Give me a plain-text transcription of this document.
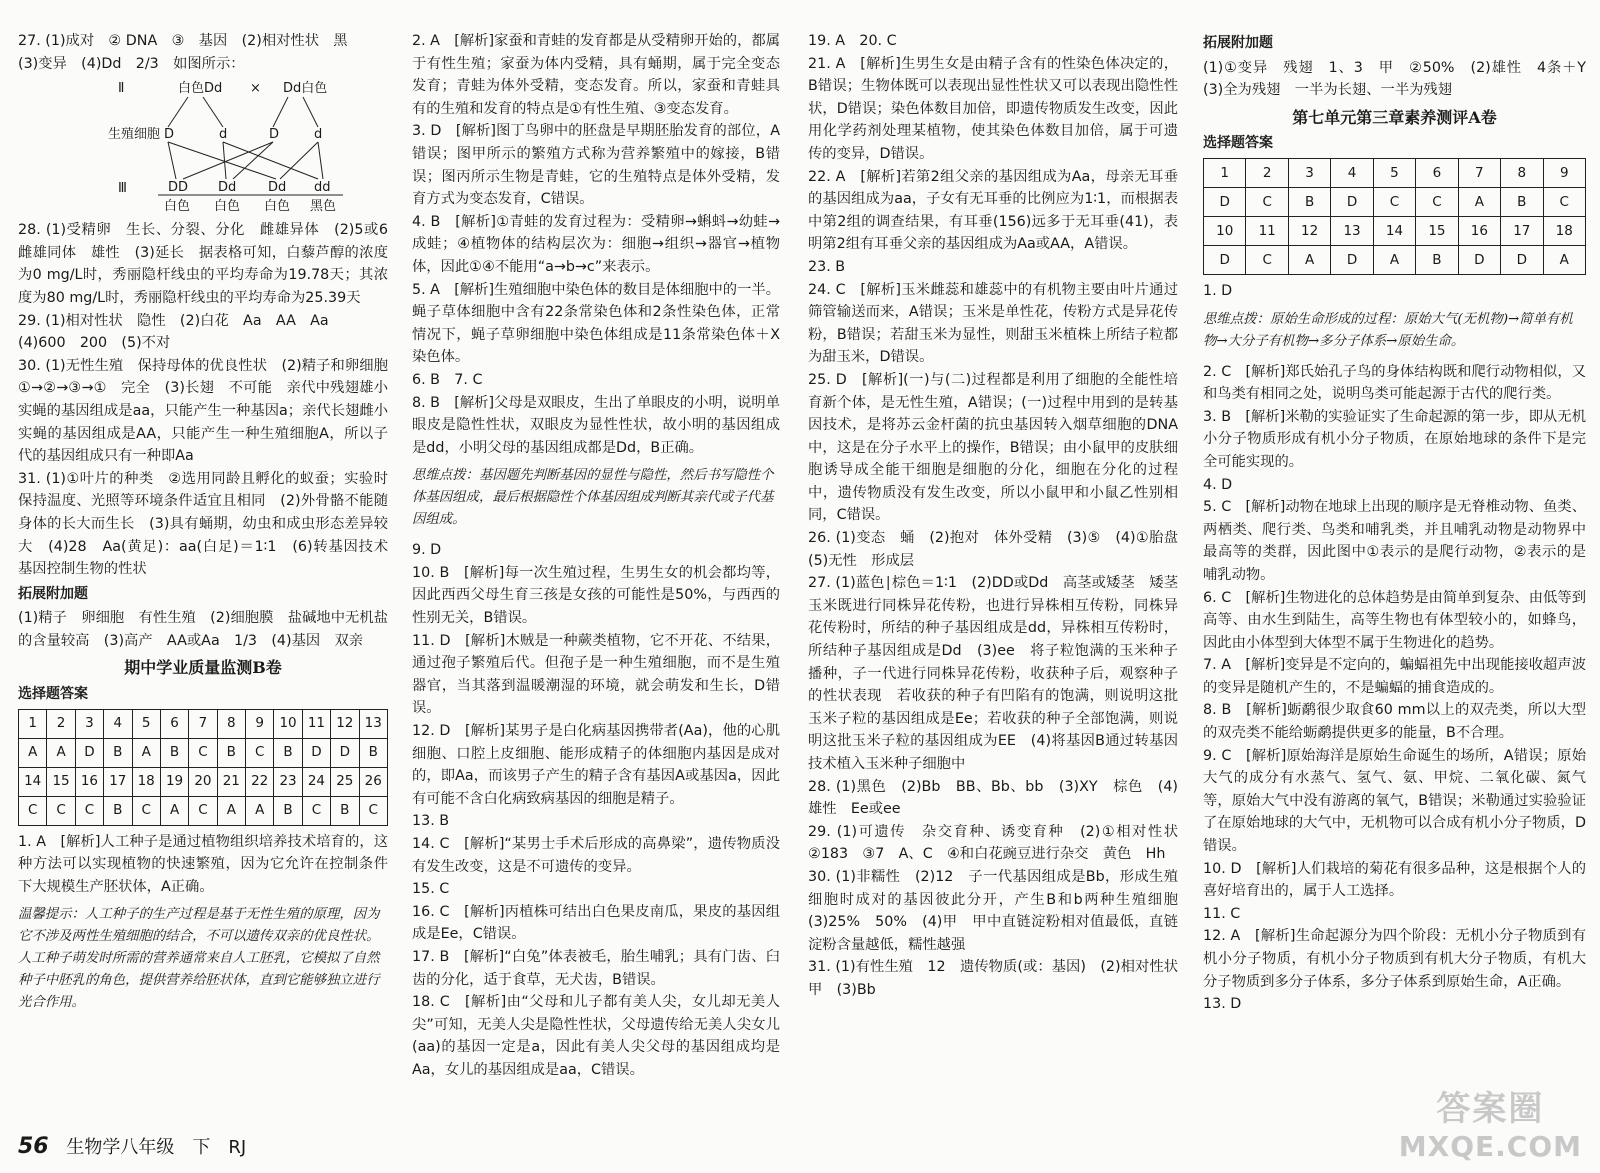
27. (1)成对　② DNA　③　基因　(2)相对性状　黑

(3)变异　(4)Dd　2/3　如图所示：

Ⅱ	白色Dd × Dd白色
生殖细胞 D	d	D	d
Ⅲ	DD Dd Dd dd
白色 白色 白色 黑色

28. (1)受精卵　生长、分裂、分化　雌雄异体　(2)5或6　雌雄同体　雄性　(3)延长　据表格可知，白藜芦醇的浓度为0 mg/L时，秀丽隐杆线虫的平均寿命为19.78天；其浓度为80 mg/L时，秀丽隐杆线虫的平均寿命为25.39天

29. (1)相对性状　隐性　(2)白花　Aa　AA　Aa
(4)600　200　(5)不对

30. (1)无性生殖　保持母体的优良性状　(2)精子和卵细胞　①→②→③→①　完全　(3)长翅　不可能　亲代中残翅雄小实蝇的基因组成是aa，只能产生一种基因a；亲代长翅雌小实蝇的基因组成是AA，只能产生一种生殖细胞A，所以子代的基因组成只有一种即Aa

31. (1)①叶片的种类　②选用同龄且孵化的蚁蚕；实验时保持温度、光照等环境条件适宜且相同　(2)外骨骼不能随身体的长大而生长　(3)具有蛹期，幼虫和成虫形态差异较大　(4)28　Aa(黄足)：aa(白足)＝1∶1　(6)转基因技术　基因控制生物的性状

拓展附加题

(1)精子　卵细胞　有性生殖　(2)细胞膜　盐碱地中无机盐的含量较高　(3)高产　AA或Aa　1/3　(4)基因　双亲

期中学业质量监测B卷
选择题答案
1	2	3	4	5	6	7	8	9	10	11	12	13
A	A	D	B	A	B	C	B	C	B	D	D	B
14	15	16	17	18	19	20	21	22	23	24	25	26
C	C	C	B	C	A	C	A	A	B	C	B	C

1. A　[解析]人工种子是通过植物组织培养技术培育的，这种方法可以实现植物的快速繁殖，因为它允许在控制条件下大规模生产胚状体，A正确。

温馨提示：人工种子的生产过程是基于无性生殖的原理，因为它不涉及两性生殖细胞的结合，不可以遗传双亲的优良性状。人工种子萌发时所需的营养通常来自人工胚乳，它模拟了自然种子中胚乳的角色，提供营养给胚状体，直到它能够独立进行光合作用。

2. A　[解析]家蚕和青蛙的发育都是从受精卵开始的，都属于有性生殖；家蚕为体内受精，具有蛹期，属于完全变态发育；青蛙为体外受精，变态发育。所以，家蚕和青蛙具有的生殖和发育的特点是①有性生殖、③变态发育。

3. D　[解析]图丁鸟卵中的胚盘是早期胚胎发育的部位，A错误；图甲所示的繁殖方式称为营养繁殖中的嫁接，B错误；图丙所示生物是青蛙，它的生殖特点是体外受精，发育方式为变态发育，C错误。

4. B　[解析]①青蛙的发育过程为：受精卵→蝌蚪→幼蛙→成蛙；④植物体的结构层次为：细胞→组织→器官→植物体，因此①④不能用“a→b→c”来表示。

5. A　[解析]生殖细胞中染色体的数目是体细胞中的一半。蝇子草体细胞中含有22条常染色体和2条性染色体，正常情况下，蝇子草卵细胞中染色体组成是11条常染色体＋X染色体。

6. B　7. C

8. B　[解析]父母是双眼皮，生出了单眼皮的小明，说明单眼皮是隐性性状，双眼皮为显性性状，故小明的基因组成是dd，小明父母的基因组成都是Dd，B正确。

思维点拨：基因题先判断基因的显性与隐性，然后书写隐性个体基因组成，最后根据隐性个体基因组成判断其亲代或子代基因组成。

9. D

10. B　[解析]每一次生殖过程，生男生女的机会都均等，因此西西父母生育三孩是女孩的可能性是50%，与西西的性别无关，B错误。

11. D　[解析]木贼是一种蕨类植物，它不开花、不结果，通过孢子繁殖后代。但孢子是一种生殖细胞，而不是生殖器官，当其落到温暖潮湿的环境，就会萌发和生长，D错误。

12. D　[解析]某男子是白化病基因携带者(Aa)，他的心肌细胞、口腔上皮细胞、能形成精子的体细胞内基因是成对的，即Aa，而该男子产生的精子含有基因A或基因a，因此有可能不含白化病致病基因的细胞是精子。

13. B

14. C　[解析]“某男士手术后形成的高鼻梁”，遗传物质没有发生改变，这是不可遗传的变异。

15. C

16. C　[解析]丙植株可结出白色果皮南瓜，果皮的基因组成是Ee，C错误。

17. B　[解析]“白兔”体表被毛，胎生哺乳；具有门齿、臼齿的分化，适于食草，无犬齿，B错误。

18. C　[解析]由“父母和儿子都有美人尖，女儿却无美人尖”可知，无美人尖是隐性性状，父母遗传给无美人尖女儿(aa)的基因一定是a，因此有美人尖父母的基因组成均是Aa，女儿的基因组成是aa，C错误。

19. A　20. C

21. A　[解析]生男生女是由精子含有的性染色体决定的，B错误；生物体既可以表现出显性性状又可以表现出隐性性状，D错误；染色体数目加倍，即遗传物质发生改变，因此用化学药剂处理某植物，使其染色体数目加倍，属于可遗传的变异，D错误。

22. A　[解析]若第2组父亲的基因组成为Aa，母亲无耳垂的基因组成为aa，子女有无耳垂的比例应为1∶1，而根据表中第2组的调查结果，有耳垂(156)远多于无耳垂(41)，表明第2组有耳垂父亲的基因组成为Aa或AA，A错误。

23. B

24. C　[解析]玉米雌蕊和雄蕊中的有机物主要由叶片通过筛管输送而来，A错误；玉米是单性花，传粉方式是异花传粉，B错误；若甜玉米为显性，则甜玉米植株上所结子粒都为甜玉米，D错误。

25. D　[解析](一)与(二)过程都是利用了细胞的全能性培育新个体，是无性生殖，A错误；(一)过程中用到的是转基因技术，是将苏云金杆菌的抗虫基因转入烟草细胞的DNA中，这是在分子水平上的操作，B错误；由小鼠甲的皮肤细胞诱导成全能干细胞是细胞的分化，细胞在分化的过程中，遗传物质没有发生改变，所以小鼠甲和小鼠乙性别相同，C错误。

26. (1)变态　蛹　(2)抱对　体外受精　(3)⑤　(4)①胎盘　(5)无性　形成层

27. (1)蓝色∣棕色＝1∶1　(2)DD或Dd　高茎或矮茎　矮茎玉米既进行同株异花传粉，也进行异株相互传粉，同株异花传粉时，所结的种子基因组成是dd，异株相互传粉时，所结种子基因组成是Dd　(3)ee　将子粒饱满的玉米种子播种，子一代进行同株异花传粉，收获种子后，观察种子的性状表现　若收获的种子有凹陷有的饱满，则说明这批玉米子粒的基因组成是Ee；若收获的种子全部饱满，则说明这批玉米子粒的基因组成为EE　(4)将基因B通过转基因技术植入玉米种子细胞中

28. (1)黑色　(2)Bb　BB、Bb、bb　(3)XY　棕色　(4)雄性　Ee或ee

29. (1)可遗传　杂交育种、诱变育种　(2)①相对性状　②183　③7　A、C　④和白花豌豆进行杂交　黄色　Hh

30. (1)非糯性　(2)12　子一代基因组成是Bb，形成生殖细胞时成对的基因彼此分开，产生B和b两种生殖细胞　(3)25%　50%　(4)甲　甲中直链淀粉相对值最低，直链淀粉含量越低，糯性越强

31. (1)有性生殖　12　遗传物质(或：基因)　(2)相对性状　甲　(3)Bb

拓展附加题

(1)①变异　残翅　1、3　甲　②50%　(2)雄性　4条＋Y　(3)全为残翅　一半为长翅、一半为残翅

第七单元第三章素养测评A卷
选择题答案
1	2	3	4	5	6	7	8	9
D	C	B	D	C	C	A	B	C
10	11	12	13	14	15	16	17	18
D	C	A	D	A	B	D	D	A

1. D

思维点拨：原始生命形成的过程：原始大气(无机物)→简单有机物→大分子有机物→多分子体系→原始生命。

2. C　[解析]郑氏始孔子鸟的身体结构既和爬行动物相似，又和鸟类有相同之处，说明鸟类可能起源于古代的爬行类。

3. B　[解析]米勒的实验证实了生命起源的第一步，即从无机小分子物质形成有机小分子物质，在原始地球的条件下是完全可能实现的。

4. D

5. C　[解析]动物在地球上出现的顺序是无脊椎动物、鱼类、两栖类、爬行类、鸟类和哺乳类，并且哺乳动物是动物界中最高等的类群，因此图中①表示的是爬行动物，②表示的是哺乳动物。

6. C　[解析]生物进化的总体趋势是由简单到复杂、由低等到高等、由水生到陆生，高等生物也有体型较小的，如蜂鸟，因此由小体型到大体型不属于生物进化的趋势。

7. A　[解析]变异是不定向的，蝙蝠祖先中出现能接收超声波的变异是随机产生的，不是蝙蝠的捕食造成的。

8. B　[解析]蛎鹬很少取食60 mm以上的双壳类，所以大型的双壳类不能给蛎鹬提供更多的能量，B不合理。

9. C　[解析]原始海洋是原始生命诞生的场所，A错误；原始大气的成分有水蒸气、氢气、氨、甲烷、二氧化碳、氮气等，原始大气中没有游离的氧气，B错误；米勒通过实验验证了在原始地球的大气中，无机物可以合成有机小分子物质，D错误。

10. D　[解析]人们栽培的菊花有很多品种，这是根据个人的喜好培育出的，属于人工选择。

11. C

12. A　[解析]生命起源分为四个阶段：无机小分子物质到有机小分子物质，有机小分子物质到有机大分子物质，有机大分子物质到多分子体系，多分子体系到原始生命，A正确。

13. D

56 生物学八年级　下　RJ
答案圈
MXQE.COM
